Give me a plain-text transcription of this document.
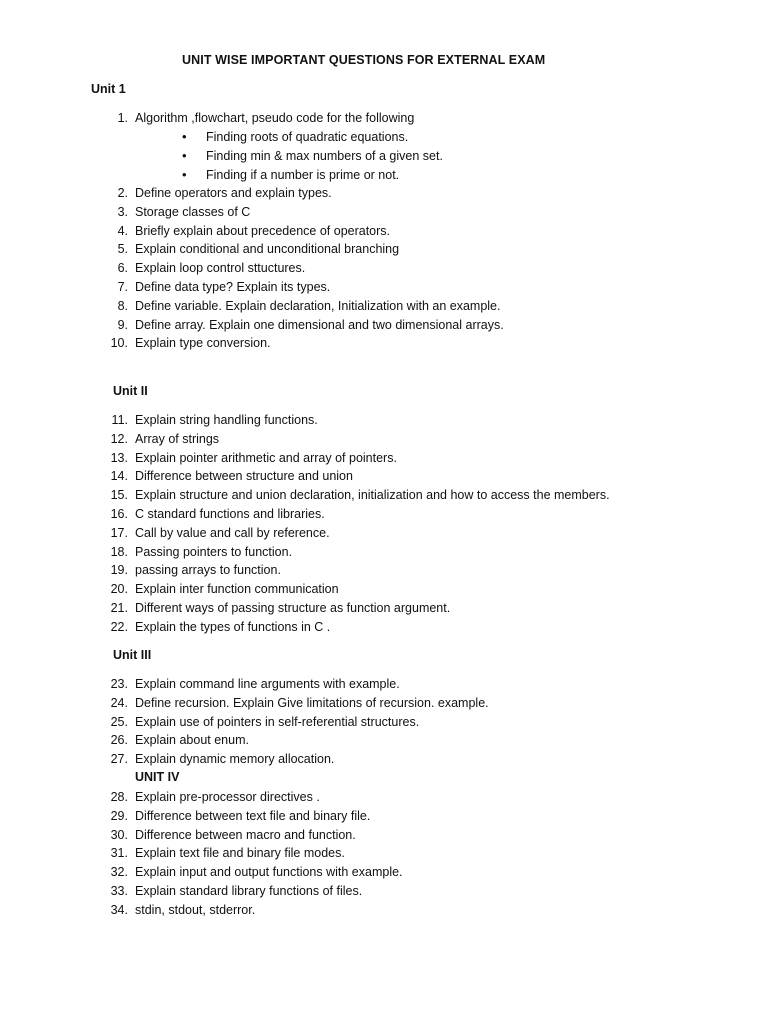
UNIT WISE IMPORTANT QUESTIONS FOR EXTERNAL EXAM
Unit 1
1. Algorithm ,flowchart, pseudo code for the following
• Finding roots of quadratic equations.
• Finding min & max numbers of a given set.
• Finding if a number is prime or not.
2. Define operators and explain types.
3. Storage classes of C
4. Briefly explain about precedence of operators.
5. Explain conditional and unconditional branching
6. Explain loop control sttuctures.
7. Define data type? Explain its types.
8. Define variable. Explain declaration, Initialization with an example.
9. Define array. Explain one dimensional and two dimensional arrays.
10. Explain type conversion.
Unit II
11. Explain string handling functions.
12. Array of strings
13. Explain pointer arithmetic and array of pointers.
14. Difference between structure and union
15. Explain structure and union declaration, initialization and how to access the members.
16. C standard functions and libraries.
17. Call by value and call by reference.
18. Passing pointers to function.
19. passing arrays to function.
20. Explain inter function communication
21. Different ways of passing structure as function argument.
22. Explain the types of functions in C .
Unit III
23. Explain command line arguments with example.
24. Define recursion. Explain Give limitations of recursion. example.
25. Explain use of pointers in self-referential structures.
26. Explain about enum.
27. Explain dynamic memory allocation.
UNIT IV
28. Explain pre-processor directives .
29. Difference between text file and binary file.
30. Difference between macro and function.
31. Explain text file and binary file modes.
32. Explain input and output functions with example.
33. Explain standard library functions of files.
34. stdin, stdout, stderror.
